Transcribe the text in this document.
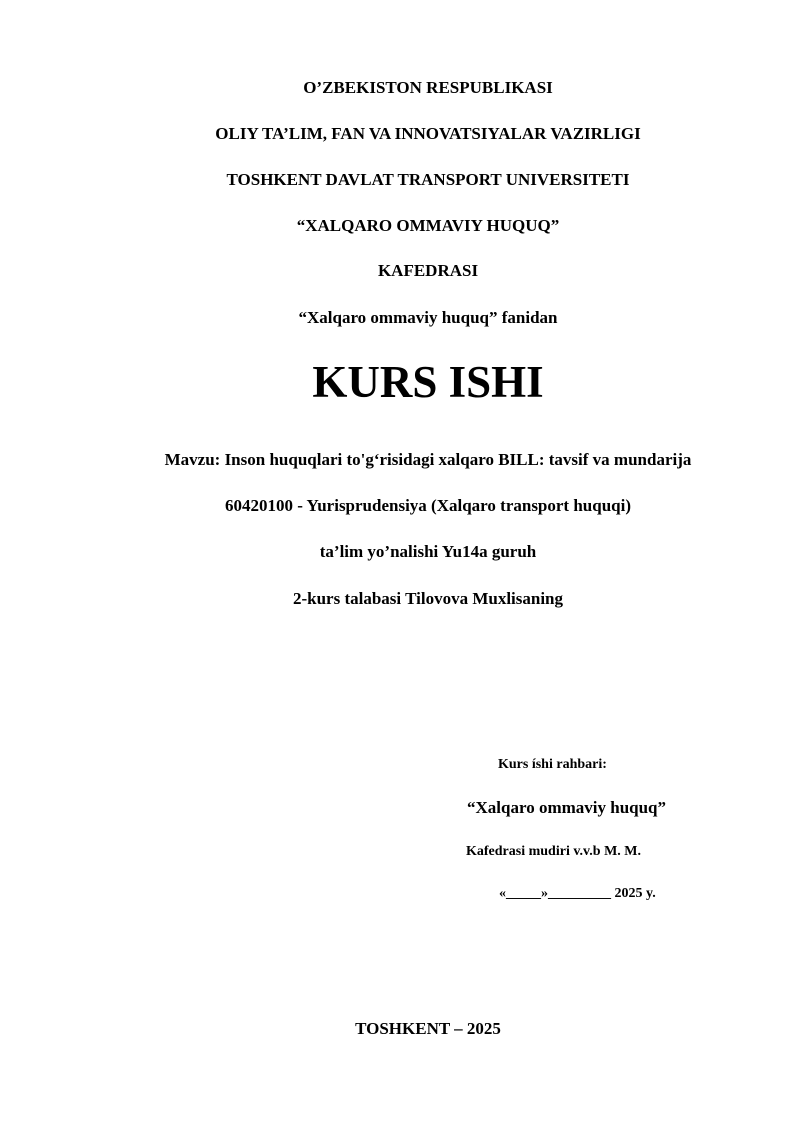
O’ZBEKISTON RESPUBLIKASI
OLIY TA’LIM, FAN VA INNOVATSIYALAR VAZIRLIGI
TOSHKENT DAVLAT TRANSPORT UNIVERSITETI
“XALQARO OMMAVIY HUQUQ”
KAFEDRASI
“Xalqaro ommaviy huquq” fanidan
KURS ISHI
Mavzu: Inson huquqlari to'g‘risidagi xalqaro BILL: tavsif va mundarija
60420100 - Yurisprudensiya (Xalqaro transport huquqi)
ta’lim yo’nalishi Yu14a guruh
2-kurs talabasi Tilovova Muxlisaning
Kurs íshi rahbari:
“Xalqaro ommaviy huquq”
Kafedrasi mudiri v.v.b M. M.
«_____»_________ 2025 y.
TOSHKENT – 2025
